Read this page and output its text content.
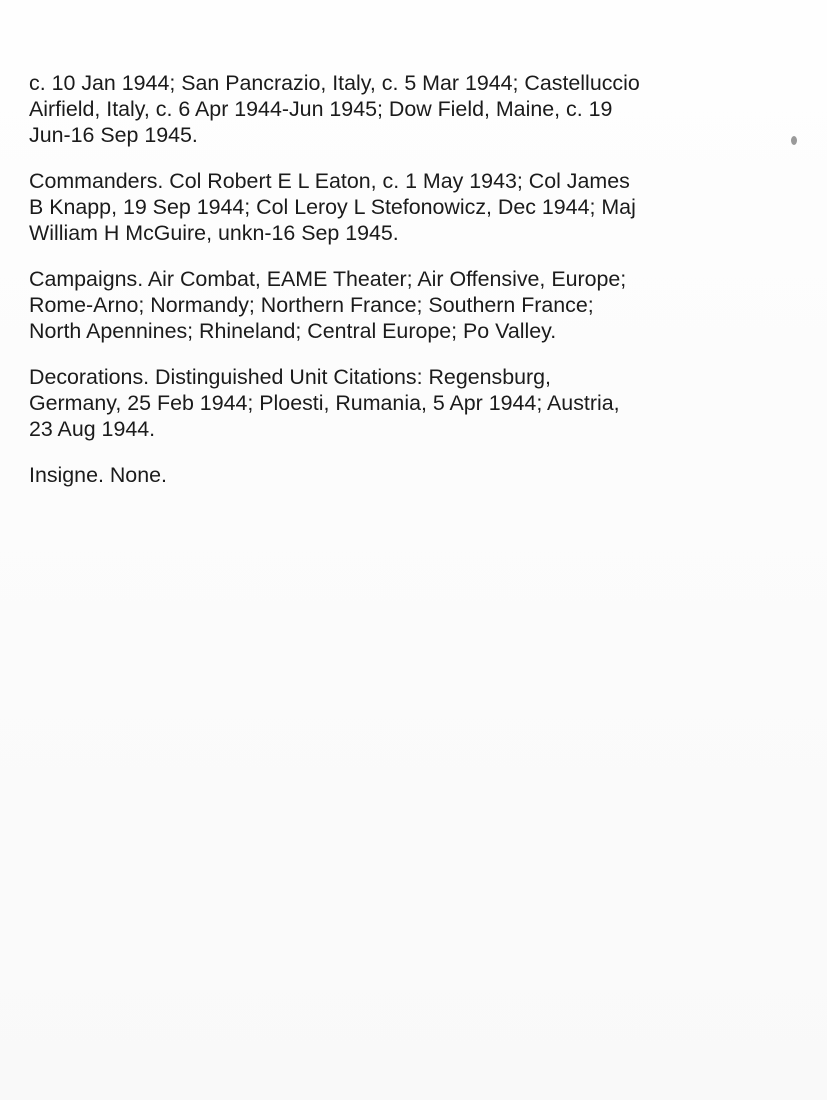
c. 10 Jan 1944; San Pancrazio, Italy, c. 5 Mar 1944; Castelluccio
Airfield, Italy, c. 6 Apr 1944-Jun 1945; Dow Field, Maine, c. 19
Jun-16 Sep 1945.

Commanders. Col Robert E L Eaton, c. 1 May 1943; Col James
B Knapp, 19 Sep 1944; Col Leroy L Stefonowicz, Dec 1944; Maj
William H McGuire, unkn-16 Sep 1945.

Campaigns. Air Combat, EAME Theater; Air Offensive, Europe;
Rome-Arno; Normandy; Northern France; Southern France;
North Apennines; Rhineland; Central Europe; Po Valley.

Decorations. Distinguished Unit Citations: Regensburg,
Germany, 25 Feb 1944; Ploesti, Rumania, 5 Apr 1944; Austria,
23 Aug 1944.

Insigne. None.
